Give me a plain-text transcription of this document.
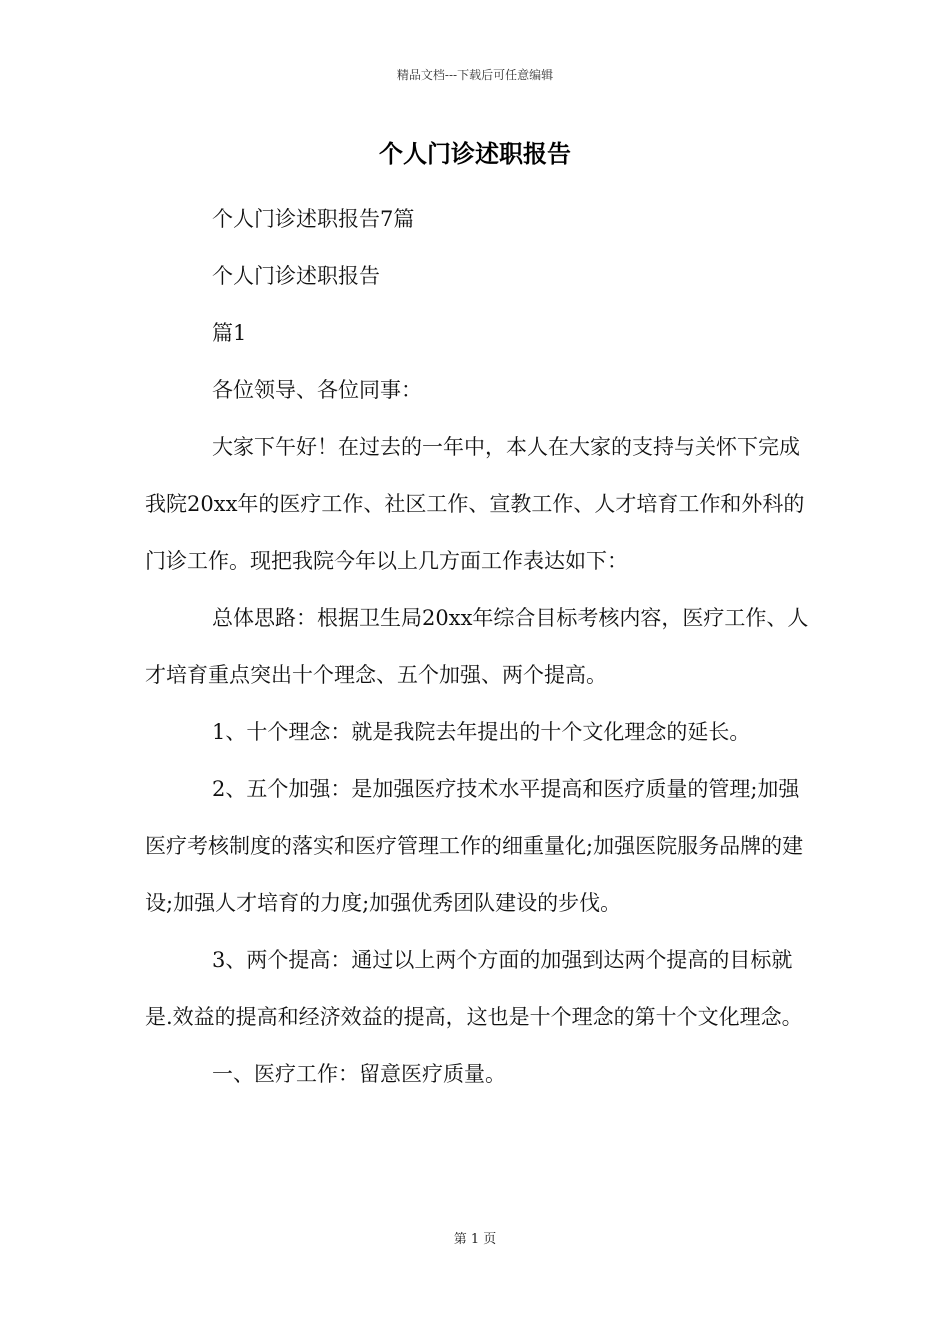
精品文档---下载后可任意编辑
个人门诊述职报告

个人门诊述职报告7篇

个人门诊述职报告

篇1

各位领导、各位同事：

大家下午好！在过去的一年中，本人在大家的支持与关怀下完成我院20xx年的医疗工作、社区工作、宣教工作、人才培育工作和外科的门诊工作。现把我院今年以上几方面工作表达如下：

总体思路：根据卫生局20xx年综合目标考核内容，医疗工作、人才培育重点突出十个理念、五个加强、两个提高。

1、十个理念：就是我院去年提出的十个文化理念的延长。

2、五个加强：是加强医疗技术水平提高和医疗质量的管理;加强医疗考核制度的落实和医疗管理工作的细重量化;加强医院服务品牌的建设;加强人才培育的力度;加强优秀团队建设的步伐。

3、两个提高：通过以上两个方面的加强到达两个提高的目标就是.效益的提高和经济效益的提高，这也是十个理念的第十个文化理念。

一、医疗工作：留意医疗质量。

第 1 页
